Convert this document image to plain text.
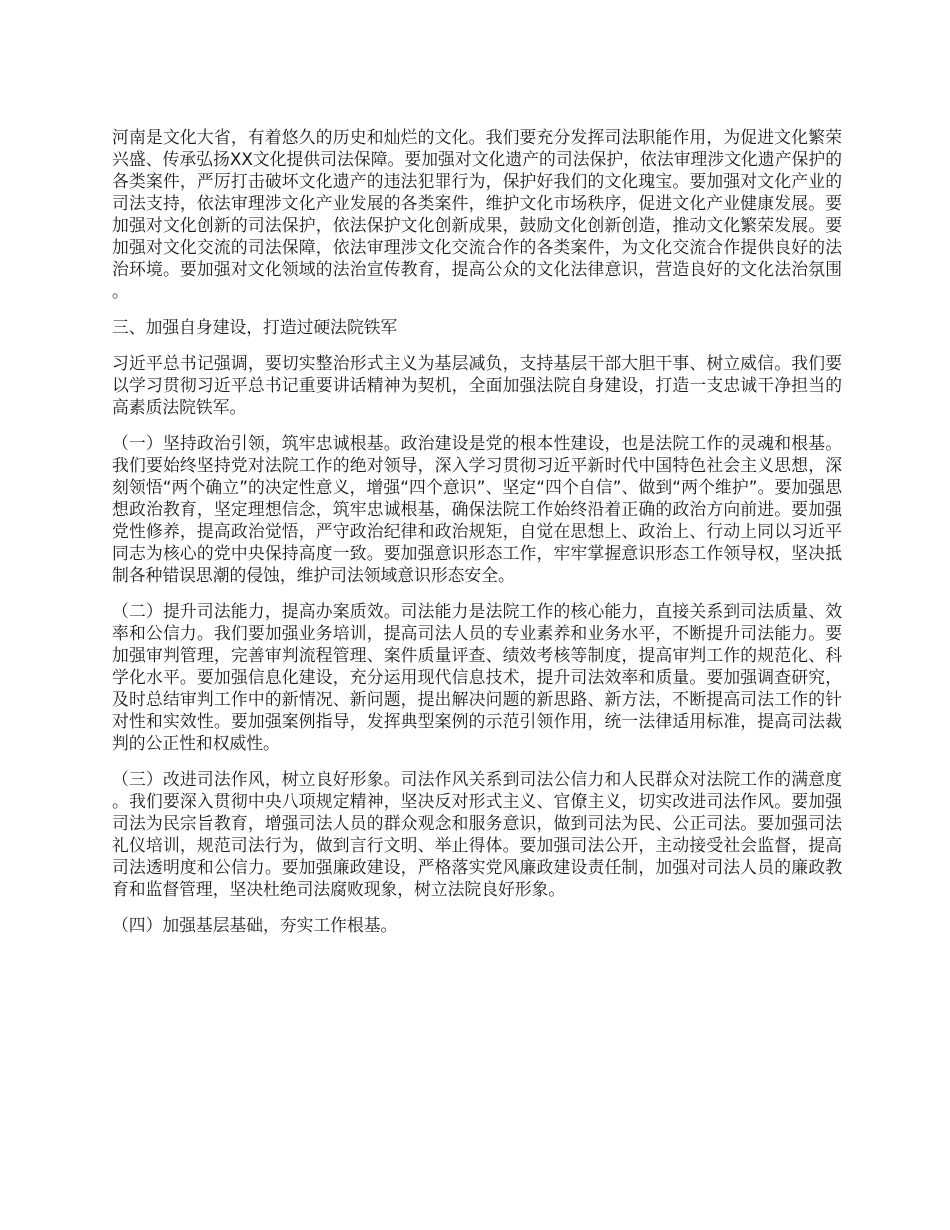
河南是文化大省，有着悠久的历史和灿烂的文化。我们要充分发挥司法职能作用，为促进文化繁荣兴盛、传承弘扬XX文化提供司法保障。要加强对文化遗产的司法保护，依法审理涉文化遗产保护的各类案件，严厉打击破坏文化遗产的违法犯罪行为，保护好我们的文化瑰宝。要加强对文化产业的司法支持，依法审理涉文化产业发展的各类案件，维护文化市场秩序，促进文化产业健康发展。要加强对文化创新的司法保护，依法保护文化创新成果，鼓励文化创新创造，推动文化繁荣发展。要加强对文化交流的司法保障，依法审理涉文化交流合作的各类案件，为文化交流合作提供良好的法治环境。要加强对文化领域的法治宣传教育，提高公众的文化法律意识，营造良好的文化法治氛围。

三、加强自身建设，打造过硬法院铁军

习近平总书记强调，要切实整治形式主义为基层减负，支持基层干部大胆干事、树立威信。我们要以学习贯彻习近平总书记重要讲话精神为契机，全面加强法院自身建设，打造一支忠诚干净担当的高素质法院铁军。

（一）坚持政治引领，筑牢忠诚根基。政治建设是党的根本性建设，也是法院工作的灵魂和根基。我们要始终坚持党对法院工作的绝对领导，深入学习贯彻习近平新时代中国特色社会主义思想，深刻领悟“两个确立”的决定性意义，增强“四个意识”、坚定“四个自信”、做到“两个维护”。要加强思想政治教育，坚定理想信念，筑牢忠诚根基，确保法院工作始终沿着正确的政治方向前进。要加强党性修养，提高政治觉悟，严守政治纪律和政治规矩，自觉在思想上、政治上、行动上同以习近平同志为核心的党中央保持高度一致。要加强意识形态工作，牢牢掌握意识形态工作领导权，坚决抵制各种错误思潮的侵蚀，维护司法领域意识形态安全。

（二）提升司法能力，提高办案质效。司法能力是法院工作的核心能力，直接关系到司法质量、效率和公信力。我们要加强业务培训，提高司法人员的专业素养和业务水平，不断提升司法能力。要加强审判管理，完善审判流程管理、案件质量评查、绩效考核等制度，提高审判工作的规范化、科学化水平。要加强信息化建设，充分运用现代信息技术，提升司法效率和质量。要加强调查研究，及时总结审判工作中的新情况、新问题，提出解决问题的新思路、新方法，不断提高司法工作的针对性和实效性。要加强案例指导，发挥典型案例的示范引领作用，统一法律适用标准，提高司法裁判的公正性和权威性。

（三）改进司法作风，树立良好形象。司法作风关系到司法公信力和人民群众对法院工作的满意度。我们要深入贯彻中央八项规定精神，坚决反对形式主义、官僚主义，切实改进司法作风。要加强司法为民宗旨教育，增强司法人员的群众观念和服务意识，做到司法为民、公正司法。要加强司法礼仪培训，规范司法行为，做到言行文明、举止得体。要加强司法公开，主动接受社会监督，提高司法透明度和公信力。要加强廉政建设，严格落实党风廉政建设责任制，加强对司法人员的廉政教育和监督管理，坚决杜绝司法腐败现象，树立法院良好形象。

（四）加强基层基础，夯实工作根基。
